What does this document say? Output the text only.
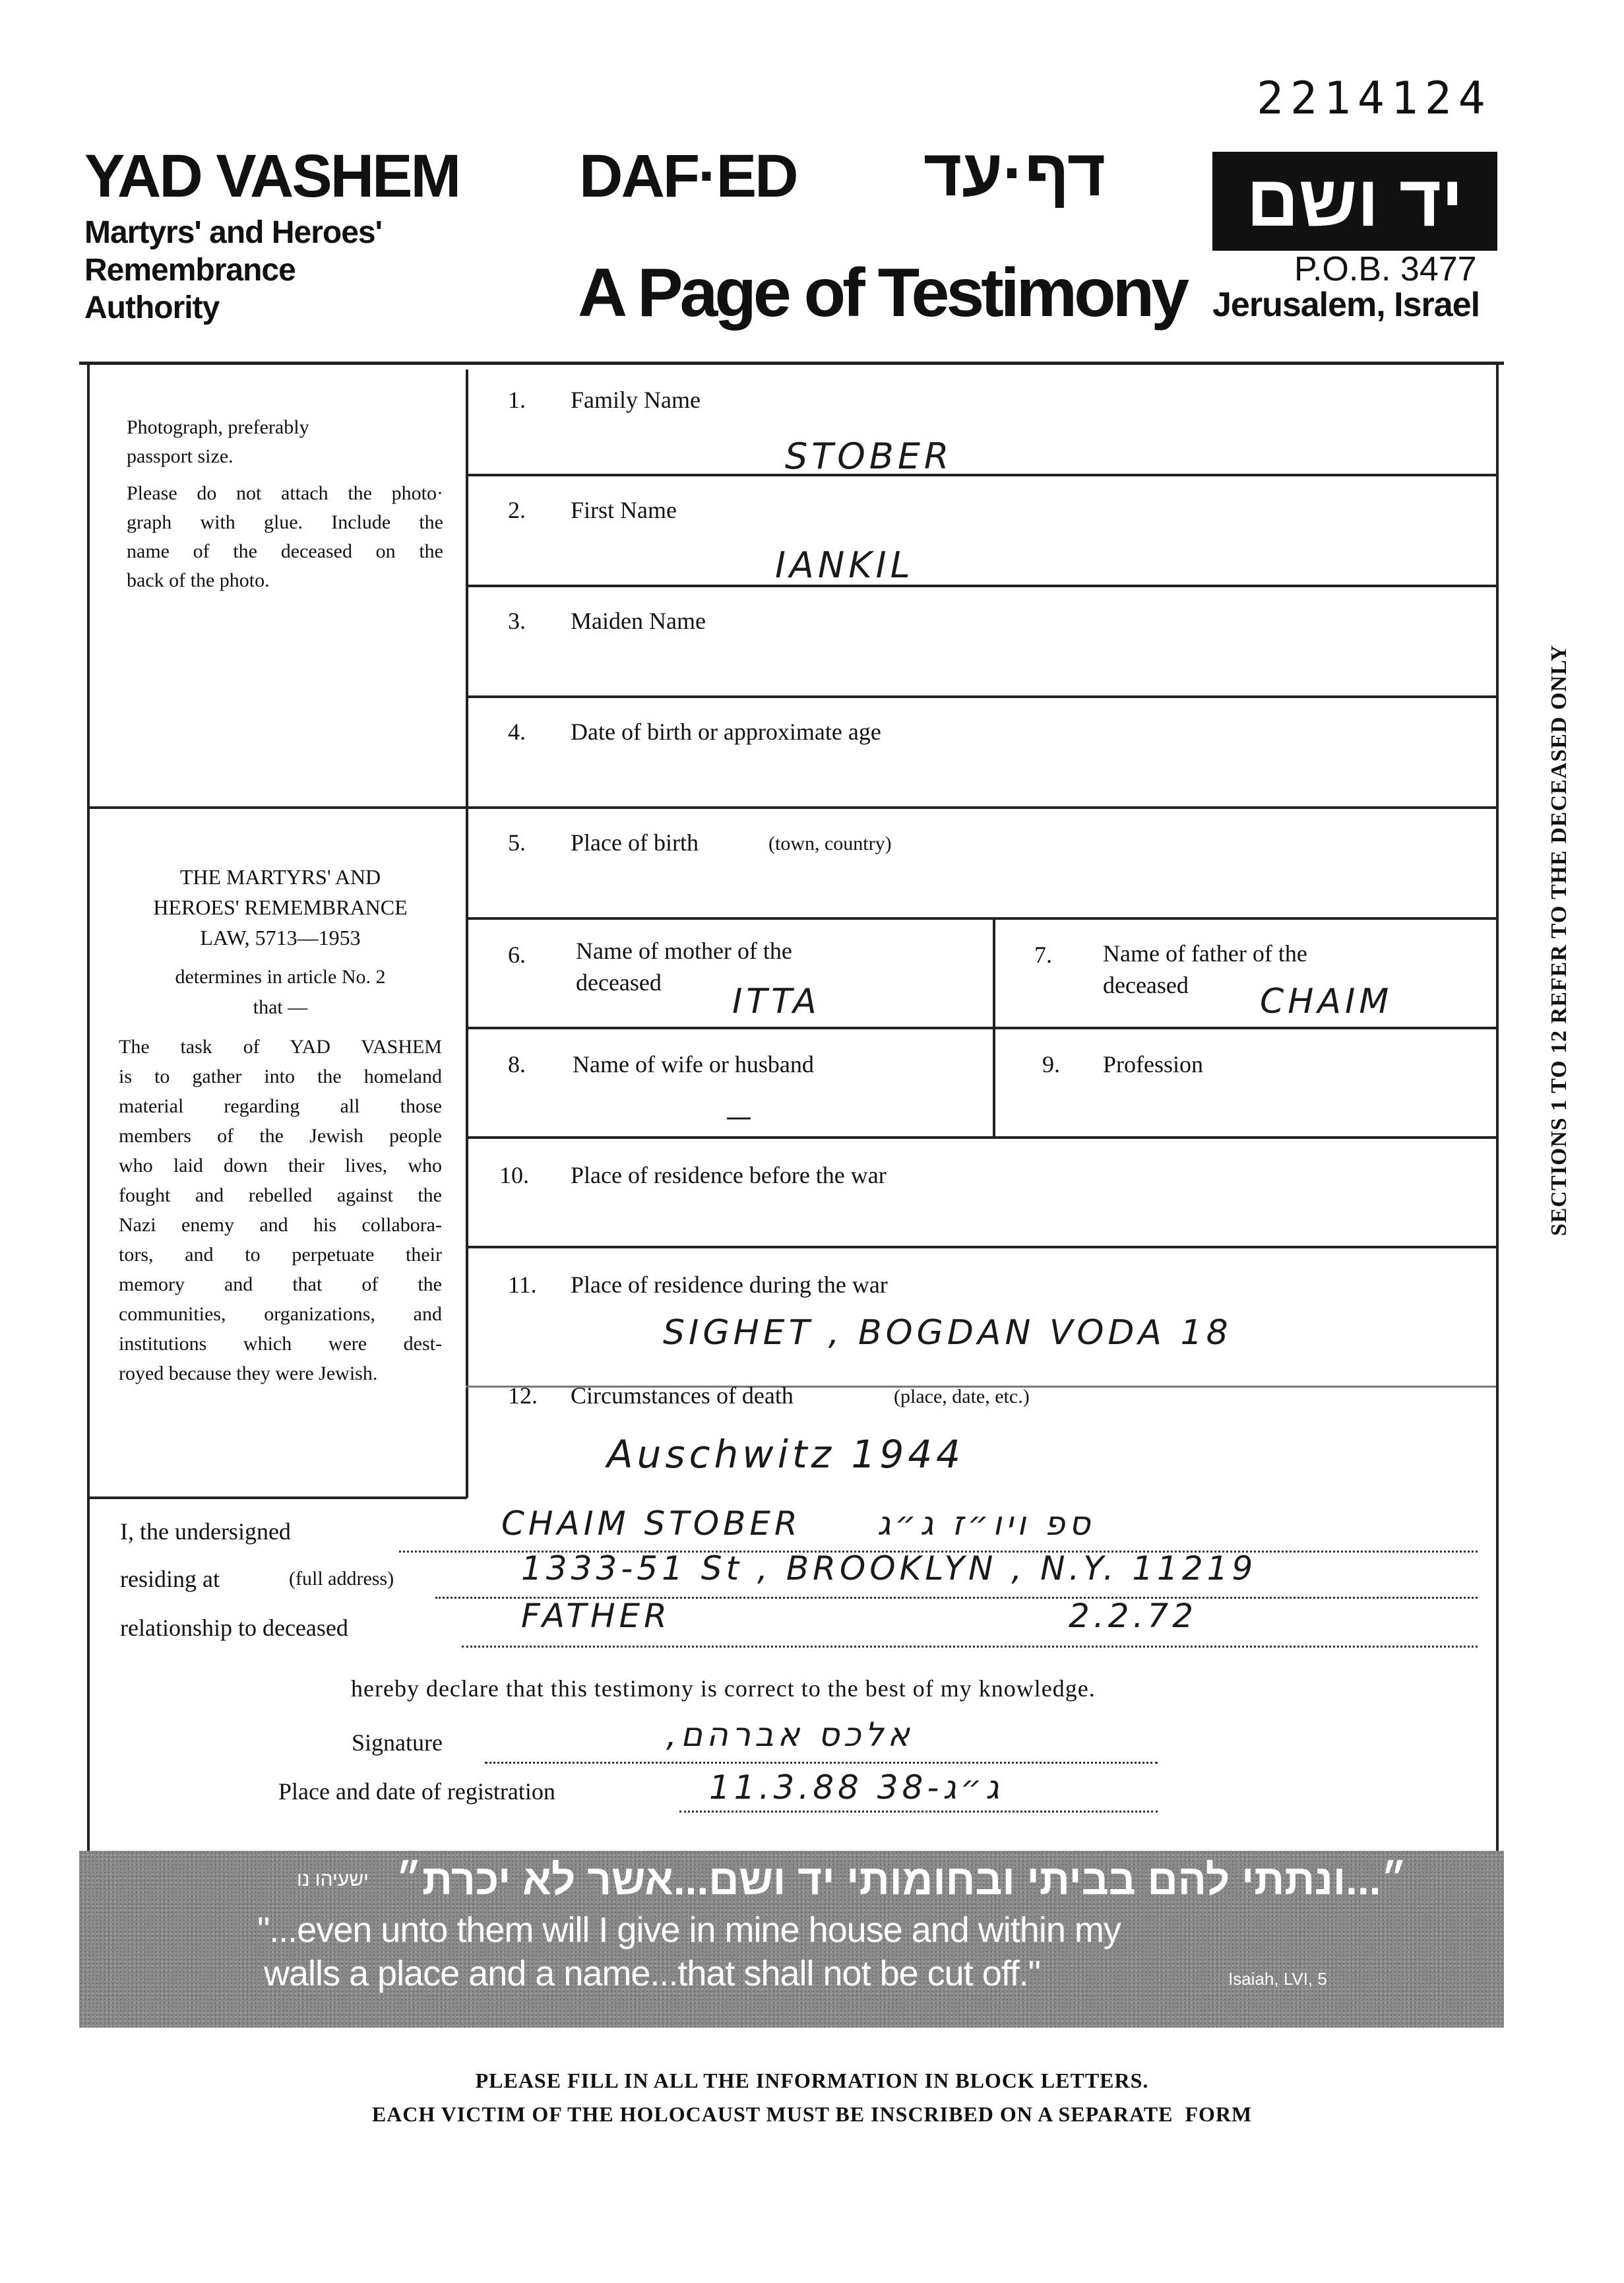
2214124
YAD VASHEM
Martyrs' and Heroes'
Remembrance
Authority
DAF·ED דף·עד
A Page of Testimony
יד ושם
P.O.B. 3477
Jerusalem, Israel
Photograph, preferably
passport size.
Please do not attach the photo·
graph with glue. Include the
name of the deceased on the
back of the photo.
THE MARTYRS' AND
HEROES' REMEMBRANCE
LAW, 5713—1953
determines in article No. 2
that —
The task of YAD VASHEM
is to gather into the homeland
material regarding all those
members of the Jewish people
who laid down their lives, who
fought and rebelled against the
Nazi enemy and his collabora-
tors, and to perpetuate their
memory and that of the
communities, organizations, and
institutions which were dest-
royed because they were Jewish.
1. Family Name
STOBER
2. First Name
IANKIL
3. Maiden Name
4. Date of birth or approximate age
5. Place of birth	(town, country)
6. Name of mother of the
deceased ITTA
7. Name of father of the
deceased CHAIM
8. Name of wife or husband
—
9. Profession
10. Place of residence before the war
11. Place of residence during the war
SIGHET , BOGDAN VODA 18
12. Circumstances of death	(place, date, etc.)
Auschwitz 1944
I, the undersigned	CHAIM STOBER ספ ויו״ז ג״ג
residing at	(full address)	1333-51 St , BROOKLYN , N.Y. 11219
relationship to deceased	FATHER	2.2.72
hereby declare that this testimony is correct to the best of my knowledge.
Signature	אלכס אברהם,
Place and date of registration	11.3.88 ג״ג-38
״...ונתתי להם בביתי ובחומותי יד ושם...אשר לא יכרת״
ישעיהו נו
"...even unto them will I give in mine house and within my
walls a place and a name...that shall not be cut off."	Isaiah, LVI, 5
SECTIONS 1 TO 12 REFER TO THE DECEASED ONLY
PLEASE FILL IN ALL THE INFORMATION IN BLOCK LETTERS.
EACH VICTIM OF THE HOLOCAUST MUST BE INSCRIBED ON A SEPARATE  FORM
